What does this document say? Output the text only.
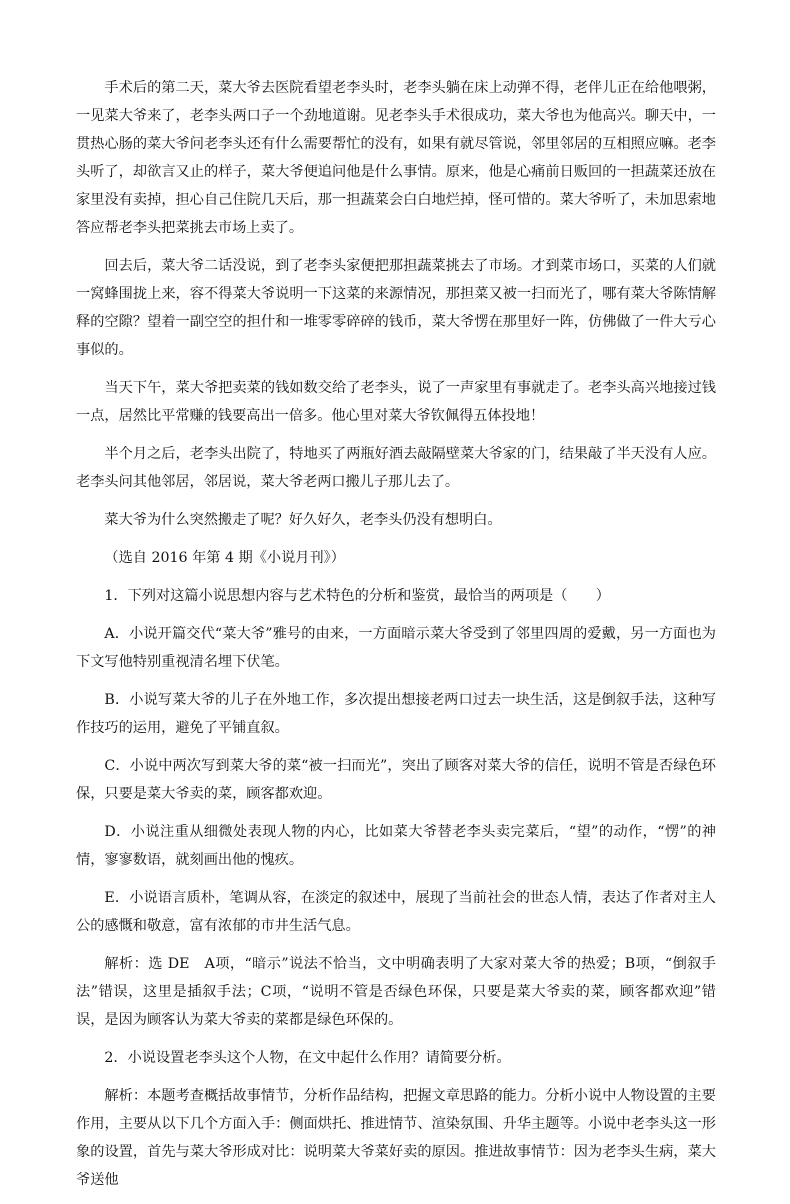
手术后的第二天，菜大爷去医院看望老李头时，老李头躺在床上动弹不得，老伴儿正在给他喂粥，一见菜大爷来了，老李头两口子一个劲地道谢。见老李头手术很成功，菜大爷也为他高兴。聊天中，一贯热心肠的菜大爷问老李头还有什么需要帮忙的没有，如果有就尽管说，邻里邻居的互相照应嘛。老李头听了，却欲言又止的样子，菜大爷便追问他是什么事情。原来，他是心痛前日贩回的一担蔬菜还放在家里没有卖掉，担心自己住院几天后，那一担蔬菜会白白地烂掉，怪可惜的。菜大爷听了，未加思索地答应帮老李头把菜挑去市场上卖了。

回去后，菜大爷二话没说，到了老李头家便把那担蔬菜挑去了市场。才到菜市场口，买菜的人们就一窝蜂围拢上来，容不得菜大爷说明一下这菜的来源情况，那担菜又被一扫而光了，哪有菜大爷陈情解释的空隙？望着一副空空的担什和一堆零零碎碎的钱币，菜大爷愣在那里好一阵，仿佛做了一件大亏心事似的。

当天下午，菜大爷把卖菜的钱如数交给了老李头，说了一声家里有事就走了。老李头高兴地接过钱一点，居然比平常赚的钱要高出一倍多。他心里对菜大爷钦佩得五体投地！

半个月之后，老李头出院了，特地买了两瓶好酒去敲隔壁菜大爷家的门，结果敲了半天没有人应。老李头问其他邻居，邻居说，菜大爷老两口搬儿子那儿去了。

菜大爷为什么突然搬走了呢？好久好久，老李头仍没有想明白。

（选自 2016 年第 4 期《小说月刊》）

1．下列对这篇小说思想内容与艺术特色的分析和鉴赏，最恰当的两项是（　　）

A．小说开篇交代“菜大爷”雅号的由来，一方面暗示菜大爷受到了邻里四周的爱戴，另一方面也为下文写他特别重视清名埋下伏笔。

B．小说写菜大爷的儿子在外地工作，多次提出想接老两口过去一块生活，这是倒叙手法，这种写作技巧的运用，避免了平铺直叙。

C．小说中两次写到菜大爷的菜“被一扫而光”，突出了顾客对菜大爷的信任，说明不管是否绿色环保，只要是菜大爷卖的菜，顾客都欢迎。

D．小说注重从细微处表现人物的内心，比如菜大爷替老李头卖完菜后，“望”的动作，“愣”的神情，寥寥数语，就刻画出他的愧疚。

E．小说语言质朴，笔调从容，在淡定的叙述中，展现了当前社会的世态人情，表达了作者对主人公的感慨和敬意，富有浓郁的市井生活气息。

解析：选 DE　A项，“暗示”说法不恰当，文中明确表明了大家对菜大爷的热爱；B项，“倒叙手法”错误，这里是插叙手法；C项，“说明不管是否绿色环保，只要是菜大爷卖的菜，顾客都欢迎”错误，是因为顾客认为菜大爷卖的菜都是绿色环保的。

2．小说设置老李头这个人物，在文中起什么作用？请简要分析。

解析：本题考查概括故事情节，分析作品结构，把握文章思路的能力。分析小说中人物设置的主要作用，主要从以下几个方面入手：侧面烘托、推进情节、渲染氛围、升华主题等。小说中老李头这一形象的设置，首先与菜大爷形成对比：说明菜大爷菜好卖的原因。推进故事情节：因为老李头生病，菜大爷送他
